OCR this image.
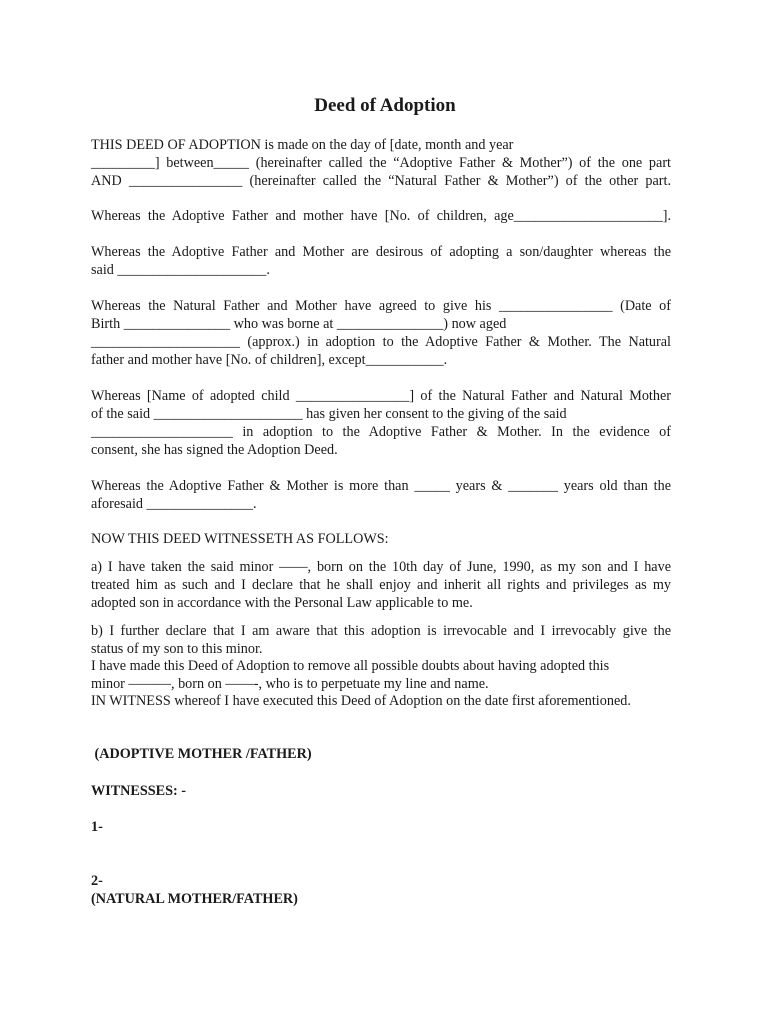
Deed of Adoption

THIS DEED OF ADOPTION is made on the day of [date, month and year

_________] between_____ (hereinafter called the “Adoptive Father & Mother”) of the one part

AND ________________ (hereinafter called the “Natural Father & Mother”) of the other part.

Whereas the Adoptive Father and mother have [No. of children, age_____________________].

Whereas the Adoptive Father and Mother are desirous of adopting a son/daughter whereas the

said _____________________.

Whereas the Natural Father and Mother have agreed to give his ________________ (Date of

Birth _______________ who was borne at _______________) now aged

_____________________ (approx.) in adoption to the Adoptive Father & Mother. The Natural

father and mother have [No. of children], except___________.

Whereas [Name of adopted child ________________] of the Natural Father and Natural Mother

of the said _____________________ has given her consent to the giving of the said

____________________ in adoption to the Adoptive Father & Mother. In the evidence of

consent, she has signed the Adoption Deed.

Whereas the Adoptive Father & Mother is more than _____ years & _______ years old than the

aforesaid _______________.

NOW THIS DEED WITNESSETH AS FOLLOWS:

a) I have taken the said minor ——, born on the 10th day of June, 1990, as my son and I have

treated him as such and I declare that he shall enjoy and inherit all rights and privileges as my

adopted son in accordance with the Personal Law applicable to me.

b) I further declare that I am aware that this adoption is irrevocable and I irrevocably give the

status of my son to this minor.

I have made this Deed of Adoption to remove all possible doubts about having adopted this

minor ———, born on ——-, who is to perpetuate my line and name.

IN WITNESS whereof I have executed this Deed of Adoption on the date first aforementioned.

(ADOPTIVE MOTHER /FATHER)

WITNESSES: -

1-

2-

(NATURAL MOTHER/FATHER)
